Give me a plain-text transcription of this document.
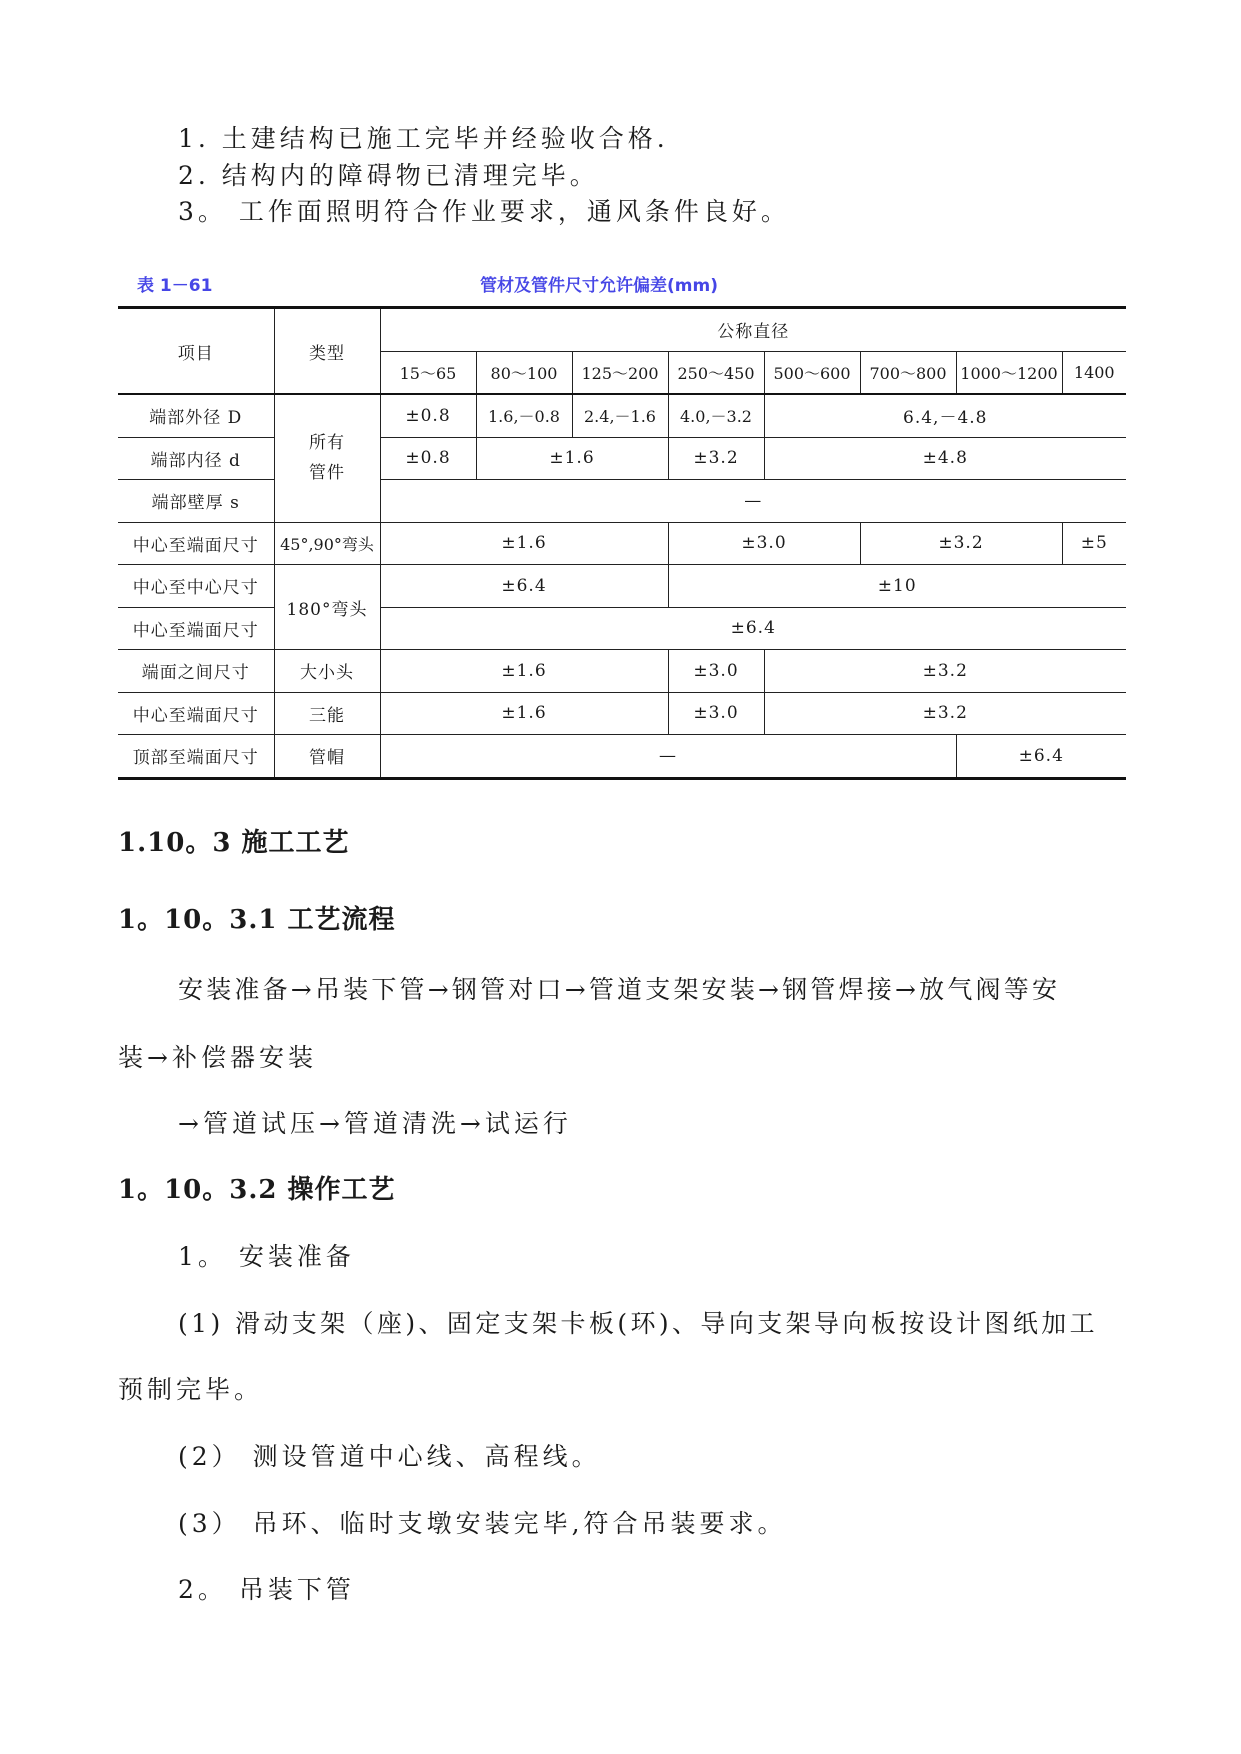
1. 土建结构已施工完毕并经验收合格.
2. 结构内的障碍物已清理完毕。
3。 工作面照明符合作业要求，通风条件良好。
表 1－61	管材及管件尺寸允许偏差(mm)
项目	类型	公称直径							
		15～65	80～100	125～200	250～450	500～600	700～800	1000～1200	1400
端部外径 D	所有管件	±0.8	1.6,－0.8	2.4,－1.6	4.0,－3.2	6.4,－4.8			
端部内径 d		±0.8	±1.6		±3.2	±4.8			
端部壁厚 s		—							
中心至端面尺寸	45°,90°弯头	±1.6			±3.0		±3.2		±5
中心至中心尺寸	180°弯头	±6.4			±10				
中心至端面尺寸		±6.4							
端面之间尺寸	大小头	±1.6			±3.0	±3.2			
中心至端面尺寸	三能	±1.6			±3.0	±3.2			
顶部至端面尺寸	管帽	—						±6.4	
1.10。3 施工工艺
1。10。3.1 工艺流程
安装准备→吊装下管→钢管对口→管道支架安装→钢管焊接→放气阀等安
装→补偿器安装
→管道试压→管道清洗→试运行
1。10。3.2 操作工艺
1。 安装准备
(1) 滑动支架（座)、固定支架卡板(环)、导向支架导向板按设计图纸加工
预制完毕。
(2） 测设管道中心线、高程线。
(3） 吊环、临时支墩安装完毕,符合吊装要求。
2。 吊装下管
